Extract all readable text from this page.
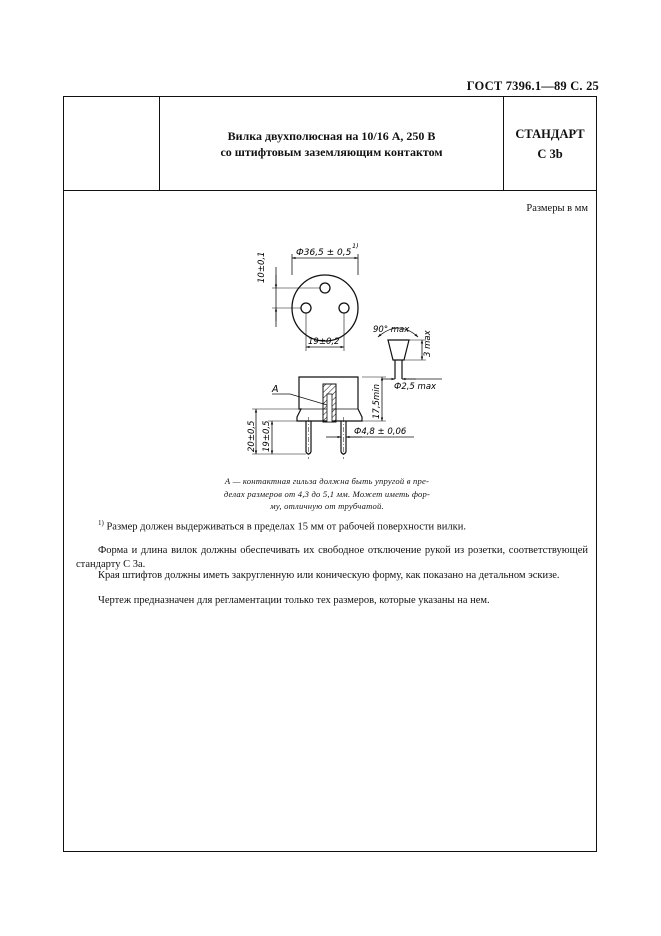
ГОСТ 7396.1—89 С. 25
Вилка двухполюсная на 10/16 А, 250 В
со штифтовым заземляющим контактом
СТАНДАРТ
С 3b
Размеры в мм
Ф36,5 ± 0,5
1)
10±0,1
19±0,2
90° max
3 max
Ф2,5 max
А	17,5min
Ф4,8 ± 0,06
20±0,5 19±0,5
А — контактная гильза должна быть упругой в пре-
делах размеров от 4,3 до 5,1 мм. Может иметь фор-
му, отличную от трубчатой.
$^{1)}$ Размер должен выдерживаться в пределах 15 мм от рабочей поверхности вилки.
Форма и длина вилок должны обеспечивать их свободное отключение рукой из розетки, соответствующей стандарту С 3а.
Края штифтов должны иметь закругленную или коническую форму, как показано на детальном эскизе.
Чертеж предназначен для регламентации только тех размеров, которые указаны на нем.
